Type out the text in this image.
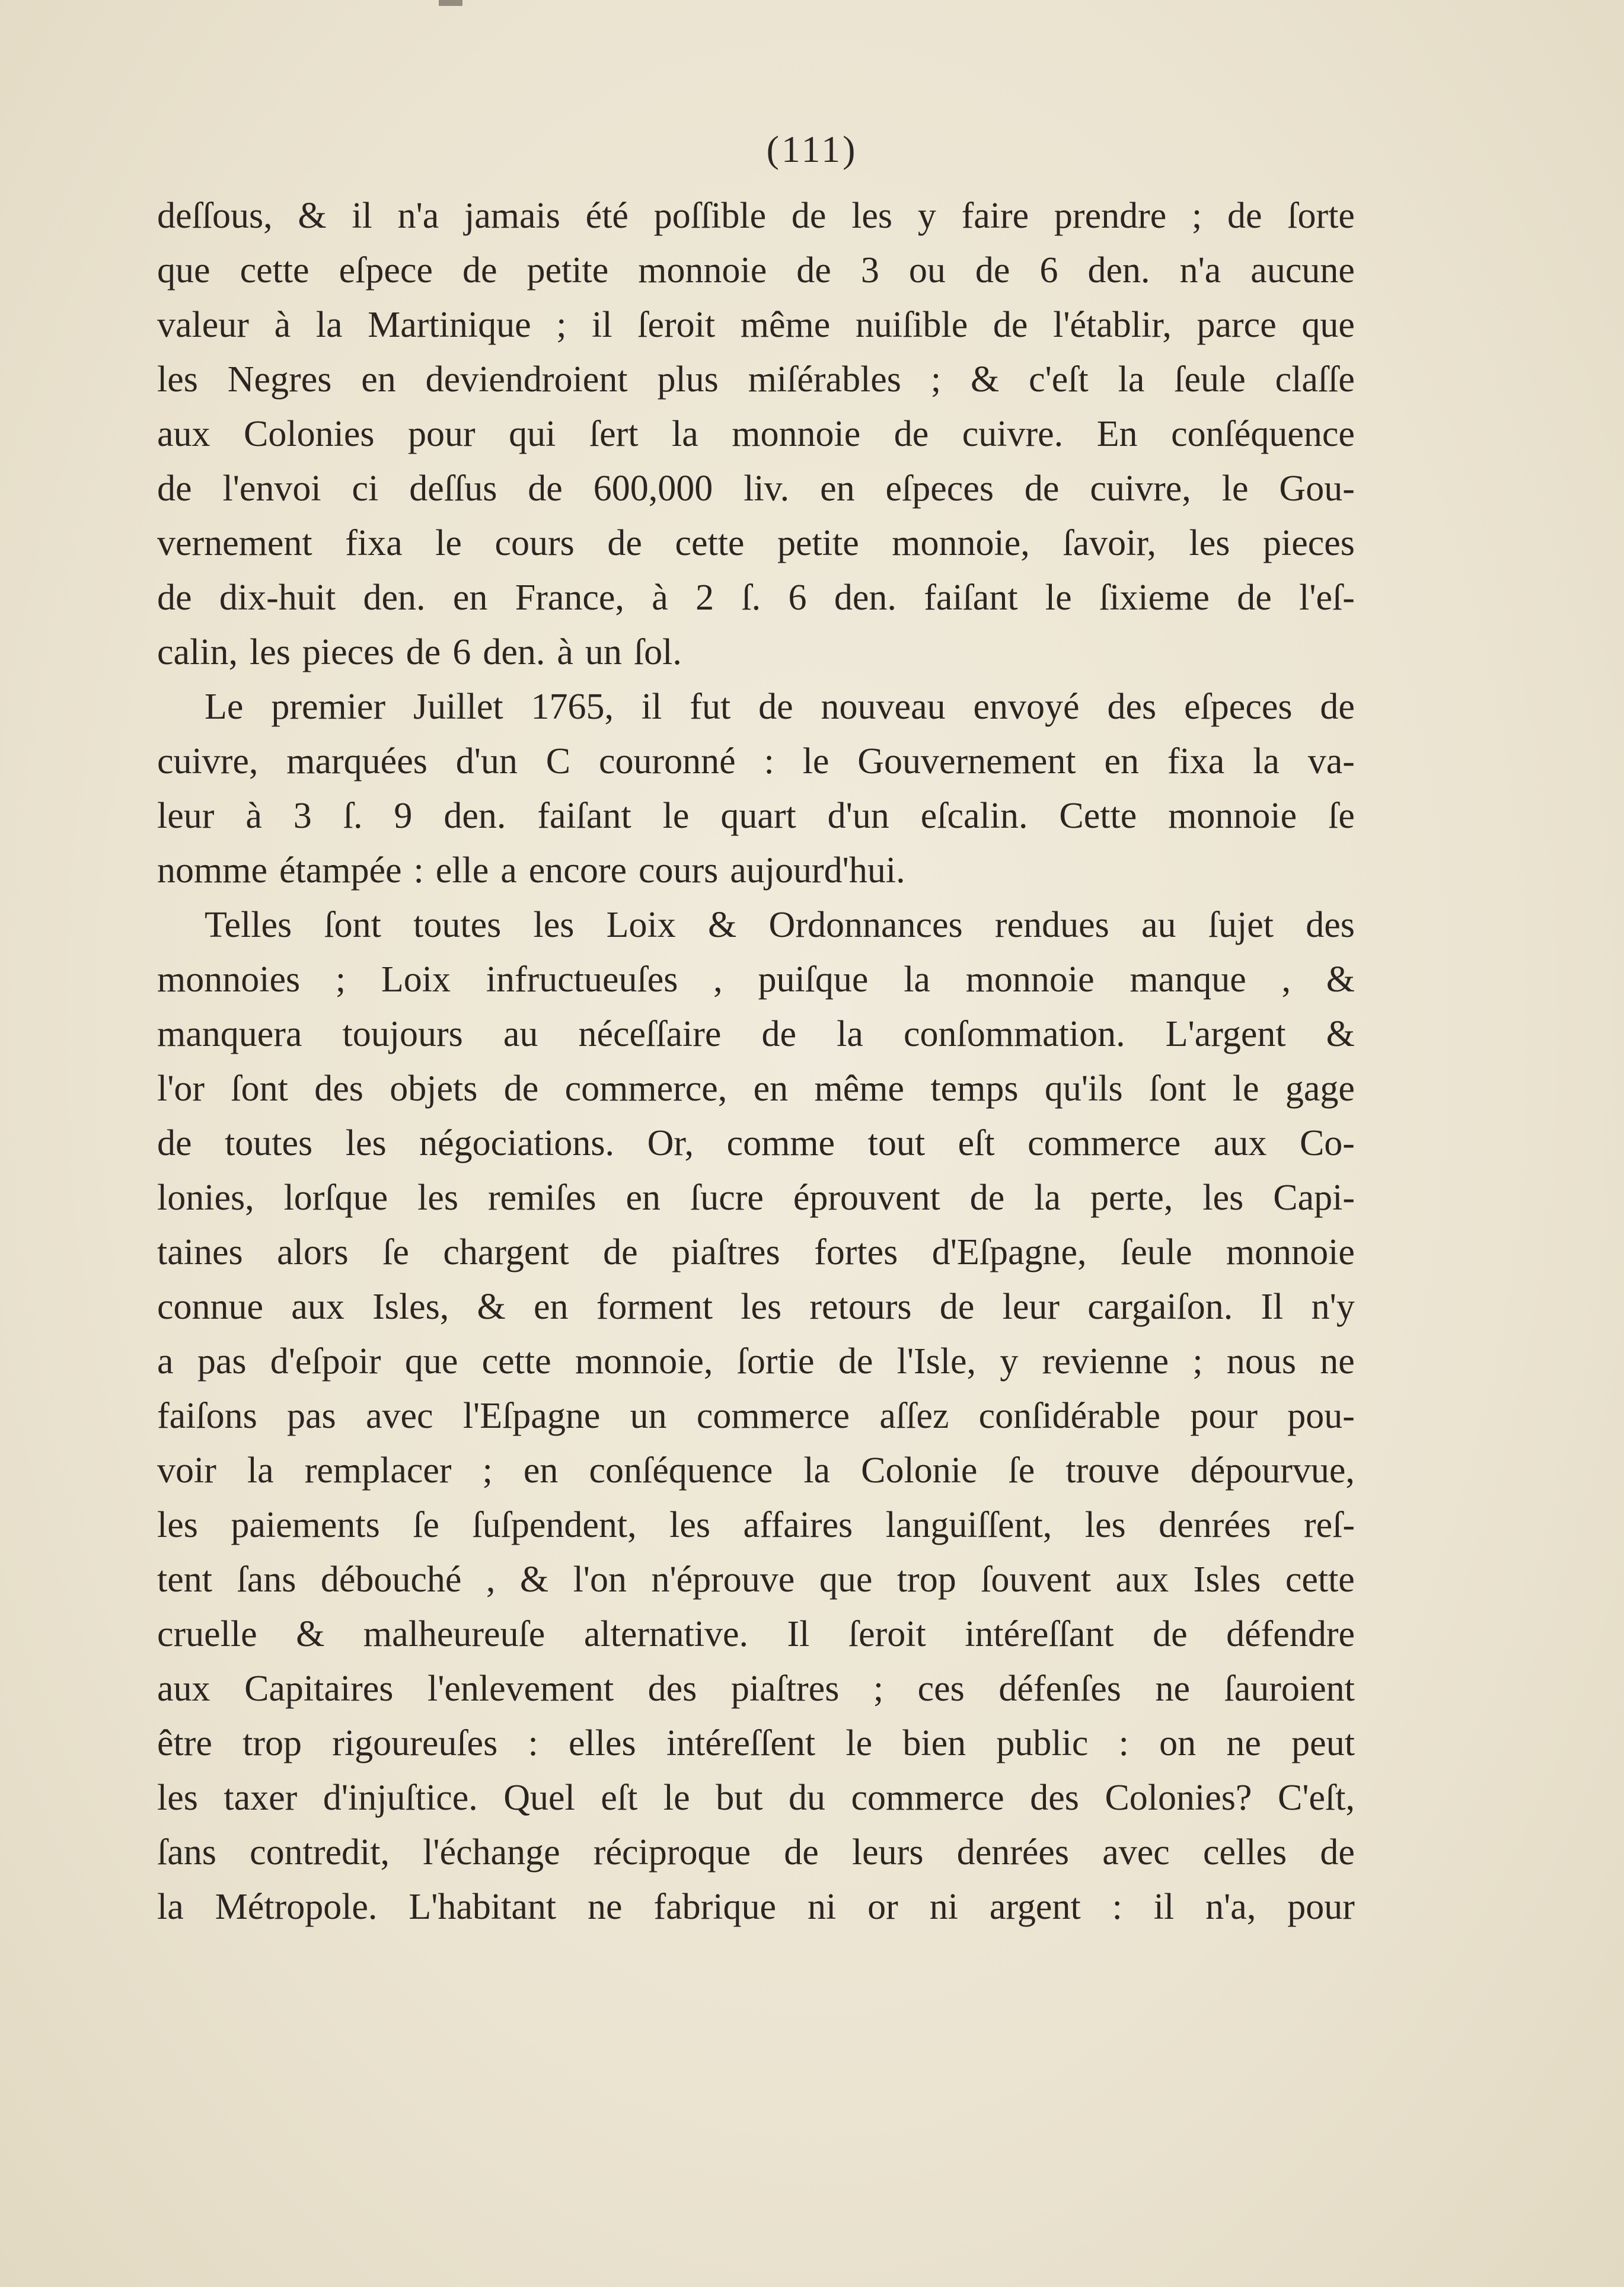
(111)
deſſous, & il n'a jamais été poſſible de les y faire prendre ; de ſorte
que cette eſpece de petite monnoie de 3 ou de 6 den. n'a aucune
valeur à la Martinique ; il ſeroit même nuiſible de l'établir, parce que
les Negres en deviendroient plus miſérables ; & c'eſt la ſeule claſſe
aux Colonies pour qui ſert la monnoie de cuivre. En conſéquence
de l'envoi ci deſſus de 600,000 liv. en eſpeces de cuivre, le Gou-
vernement fixa le cours de cette petite monnoie, ſavoir, les pieces
de dix-huit den. en France, à 2 ſ. 6 den. faiſant le ſixieme de l'eſ-
calin, les pieces de 6 den. à un ſol.
Le premier Juillet 1765, il fut de nouveau envoyé des eſpeces de
cuivre, marquées d'un C couronné : le Gouvernement en fixa la va-
leur à 3 ſ. 9 den. faiſant le quart d'un eſcalin. Cette monnoie ſe
nomme étampée : elle a encore cours aujourd'hui.
Telles ſont toutes les Loix & Ordonnances rendues au ſujet des
monnoies ; Loix infructueuſes , puiſque la monnoie manque , &
manquera toujours au néceſſaire de la conſommation. L'argent &
l'or ſont des objets de commerce, en même temps qu'ils ſont le gage
de toutes les négociations. Or, comme tout eſt commerce aux Co-
lonies, lorſque les remiſes en ſucre éprouvent de la perte, les Capi-
taines alors ſe chargent de piaſtres fortes d'Eſpagne, ſeule monnoie
connue aux Isles, & en forment les retours de leur cargaiſon. Il n'y
a pas d'eſpoir que cette monnoie, ſortie de l'Isle, y revienne ; nous ne
faiſons pas avec l'Eſpagne un commerce aſſez conſidérable pour pou-
voir la remplacer ; en conſéquence la Colonie ſe trouve dépourvue,
les paiements ſe ſuſpendent, les affaires languiſſent, les denrées reſ-
tent ſans débouché , & l'on n'éprouve que trop ſouvent aux Isles cette
cruelle & malheureuſe alternative. Il ſeroit intéreſſant de défendre
aux Capitaires l'enlevement des piaſtres ; ces défenſes ne ſauroient
être trop rigoureuſes : elles intéreſſent le bien public : on ne peut
les taxer d'injuſtice. Quel eſt le but du commerce des Colonies? C'eſt,
ſans contredit, l'échange réciproque de leurs denrées avec celles de
la Métropole. L'habitant ne fabrique ni or ni argent : il n'a, pour
